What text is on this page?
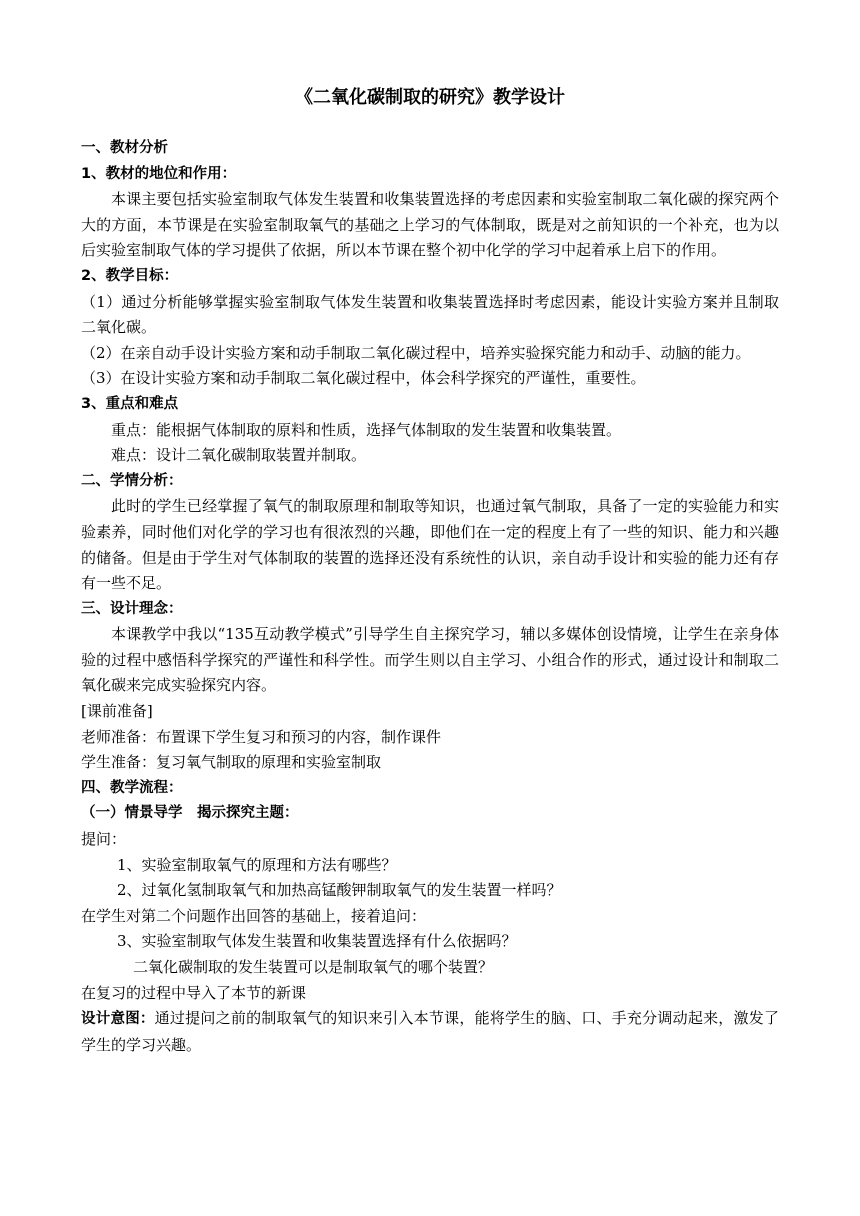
《二氧化碳制取的研究》教学设计

一、教材分析

1、教材的地位和作用：

本课主要包括实验室制取气体发生装置和收集装置选择的考虑因素和实验室制取二氧化碳的探究两个大的方面，本节课是在实验室制取氧气的基础之上学习的气体制取，既是对之前知识的一个补充，也为以后实验室制取气体的学习提供了依据，所以本节课在整个初中化学的学习中起着承上启下的作用。

2、教学目标：

（1）通过分析能够掌握实验室制取气体发生装置和收集装置选择时考虑因素，能设计实验方案并且制取二氧化碳。

（2）在亲自动手设计实验方案和动手制取二氧化碳过程中，培养实验探究能力和动手、动脑的能力。

（3）在设计实验方案和动手制取二氧化碳过程中，体会科学探究的严谨性，重要性。

3、重点和难点

重点：能根据气体制取的原料和性质，选择气体制取的发生装置和收集装置。

难点：设计二氧化碳制取装置并制取。

二、学情分析：

此时的学生已经掌握了氧气的制取原理和制取等知识，也通过氧气制取，具备了一定的实验能力和实验素养，同时他们对化学的学习也有很浓烈的兴趣，即他们在一定的程度上有了一些的知识、能力和兴趣的储备。但是由于学生对气体制取的装置的选择还没有系统性的认识，亲自动手设计和实验的能力还有存有一些不足。

三、设计理念：

本课教学中我以“135互动教学模式”引导学生自主探究学习，辅以多媒体创设情境，让学生在亲身体验的过程中感悟科学探究的严谨性和科学性。而学生则以自主学习、小组合作的形式，通过设计和制取二氧化碳来完成实验探究内容。

[课前准备]

老师准备：布置课下学生复习和预习的内容，制作课件

学生准备：复习氧气制取的原理和实验室制取

四、教学流程：

（一）情景导学　揭示探究主题：

提问：

1、实验室制取氧气的原理和方法有哪些？

2、过氧化氢制取氧气和加热高锰酸钾制取氧气的发生装置一样吗？

在学生对第二个问题作出回答的基础上，接着追问：

3、实验室制取气体发生装置和收集装置选择有什么依据吗？

二氧化碳制取的发生装置可以是制取氧气的哪个装置？

在复习的过程中导入了本节的新课

设计意图：通过提问之前的制取氧气的知识来引入本节课，能将学生的脑、口、手充分调动起来，激发了学生的学习兴趣。
